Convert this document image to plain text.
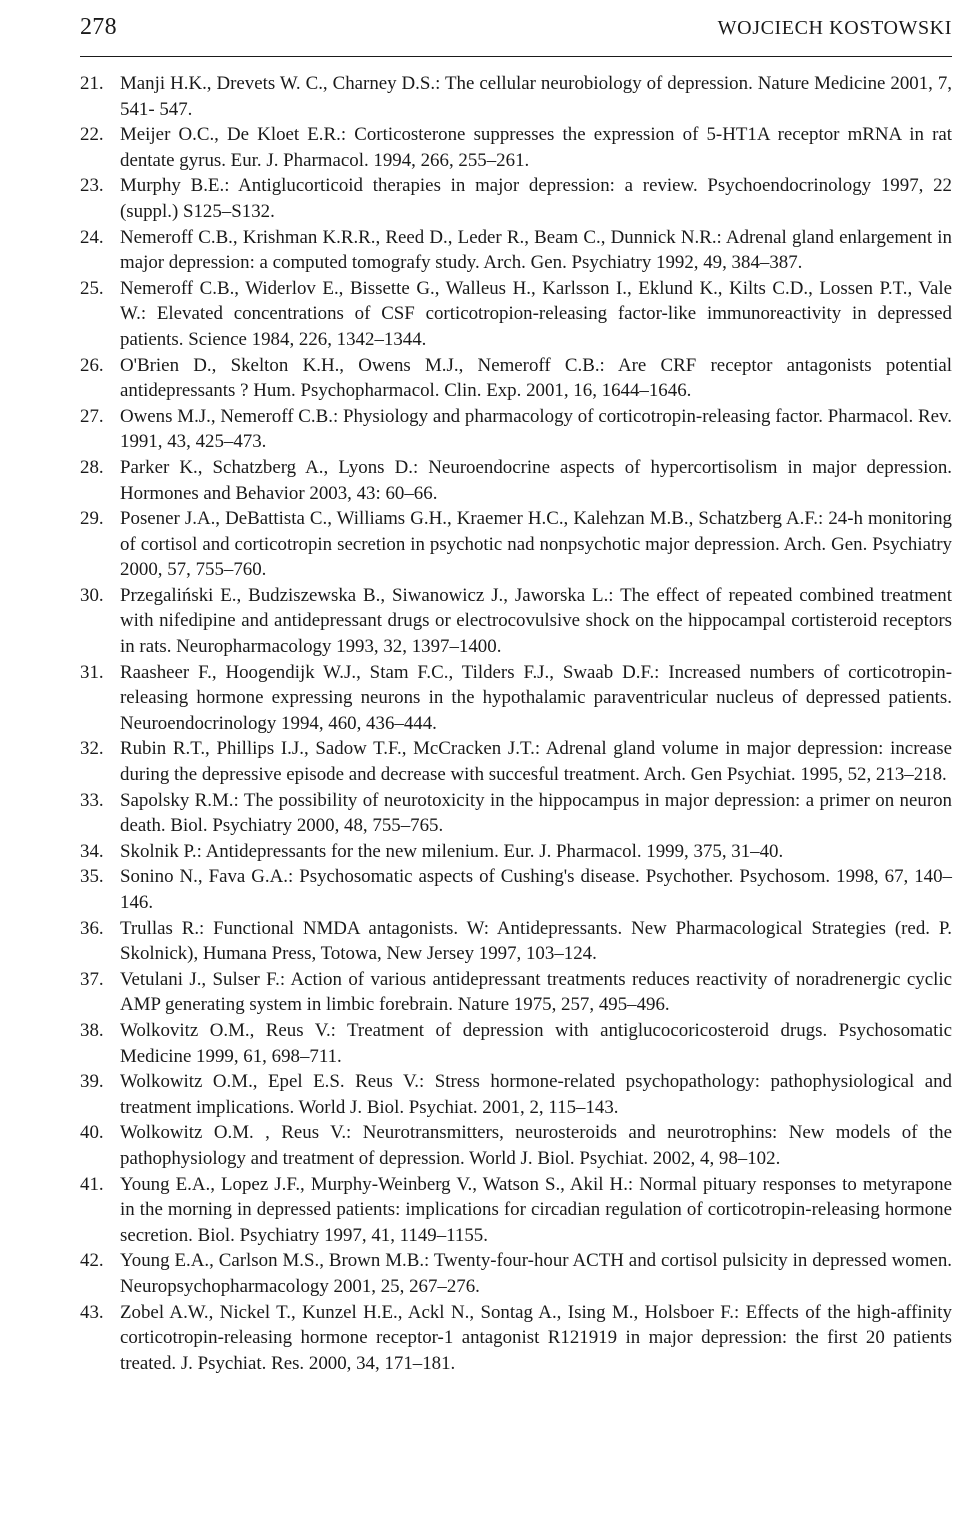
278	WOJCIECH KOSTOWSKI
21. Manji H.K., Drevets W. C., Charney D.S.: The cellular neurobiology of depression. Nature Medicine 2001, 7, 541- 547.
22. Meijer O.C., De Kloet E.R.: Corticosterone suppresses the expression of 5-HT1A receptor mRNA in rat dentate gyrus. Eur. J. Pharmacol. 1994, 266, 255–261.
23. Murphy B.E.: Antiglucorticoid therapies in major depression: a review. Psychoendocrinology 1997, 22 (suppl.) S125–S132.
24. Nemeroff C.B., Krishman K.R.R., Reed D., Leder R., Beam C., Dunnick N.R.: Adrenal gland enlargement in major depression: a computed tomografy study. Arch. Gen. Psychiatry 1992, 49, 384–387.
25. Nemeroff C.B., Widerlov E., Bissette G., Walleus H., Karlsson I., Eklund K., Kilts C.D., Lossen P.T., Vale W.: Elevated concentrations of CSF corticotropion-releasing factor-like immunoreactivity in depressed patients. Science 1984, 226, 1342–1344.
26. O'Brien D., Skelton K.H., Owens M.J., Nemeroff C.B.: Are CRF receptor antagonists potential antidepressants ? Hum. Psychopharmacol. Clin. Exp. 2001, 16, 1644–1646.
27. Owens M.J., Nemeroff C.B.: Physiology and pharmacology of corticotropin-releasing factor. Pharmacol. Rev. 1991, 43, 425–473.
28. Parker K., Schatzberg A., Lyons D.: Neuroendocrine aspects of hypercortisolism in major depression. Hormones and Behavior 2003, 43: 60–66.
29. Posener J.A., DeBattista C., Williams G.H., Kraemer H.C., Kalehzan M.B., Schatzberg A.F.: 24-h monitoring of cortisol and corticotropin secretion in psychotic nad nonpsychotic major depression. Arch. Gen. Psychiatry 2000, 57, 755–760.
30. Przegaliński E., Budziszewska B., Siwanowicz J., Jaworska L.: The effect of repeated combined treatment with nifedipine and antidepressant drugs or electrocovulsive shock on the hippocampal cortisteroid receptors in rats. Neuropharmacology 1993, 32, 1397–1400.
31. Raasheer F., Hoogendijk W.J., Stam F.C., Tilders F.J., Swaab D.F.: Increased numbers of corticotropin-releasing hormone expressing neurons in the hypothalamic paraventricular nucleus of depressed patients. Neuroendocrinology 1994, 460, 436–444.
32. Rubin R.T., Phillips I.J., Sadow T.F., McCracken J.T.: Adrenal gland volume in major depression: increase during the depressive episode and decrease with succesful treatment. Arch. Gen Psychiat. 1995, 52, 213–218.
33. Sapolsky R.M.: The possibility of neurotoxicity in the hippocampus in major depression: a primer on neuron death. Biol. Psychiatry 2000, 48, 755–765.
34. Skolnik P.: Antidepressants for the new milenium. Eur. J. Pharmacol. 1999, 375, 31–40.
35. Sonino N., Fava G.A.: Psychosomatic aspects of Cushing's disease. Psychother. Psychosom. 1998, 67, 140–146.
36. Trullas R.: Functional NMDA antagonists. W: Antidepressants. New Pharmacological Strategies (red. P. Skolnick), Humana Press, Totowa, New Jersey 1997, 103–124.
37. Vetulani J., Sulser F.: Action of various antidepressant treatments reduces reactivity of noradrenergic cyclic AMP generating system in limbic forebrain. Nature 1975, 257, 495–496.
38. Wolkovitz O.M., Reus V.: Treatment of depression with antiglucocoricosteroid drugs. Psychosomatic Medicine 1999, 61, 698–711.
39. Wolkowitz O.M., Epel E.S. Reus V.: Stress hormone-related psychopathology: pathophysiological and treatment implications. World J. Biol. Psychiat. 2001, 2, 115–143.
40. Wolkowitz O.M. , Reus V.: Neurotransmitters, neurosteroids and neurotrophins: New models of the pathophysiology and treatment of depression. World J. Biol. Psychiat. 2002, 4, 98–102.
41. Young E.A., Lopez J.F., Murphy-Weinberg V., Watson S., Akil H.: Normal pituary responses to metyrapone in the morning in depressed patients: implications for circadian regulation of corticotropin-releasing hormone secretion. Biol. Psychiatry 1997, 41, 1149–1155.
42. Young E.A., Carlson M.S., Brown M.B.: Twenty-four-hour ACTH and cortisol pulsicity in depressed women. Neuropsychopharmacology 2001, 25, 267–276.
43. Zobel A.W., Nickel T., Kunzel H.E., Ackl N., Sontag A., Ising M., Holsboer F.: Effects of the high-affinity corticotropin-releasing hormone receptor-1 antagonist R121919 in major depression: the first 20 patients treated. J. Psychiat. Res. 2000, 34, 171–181.
